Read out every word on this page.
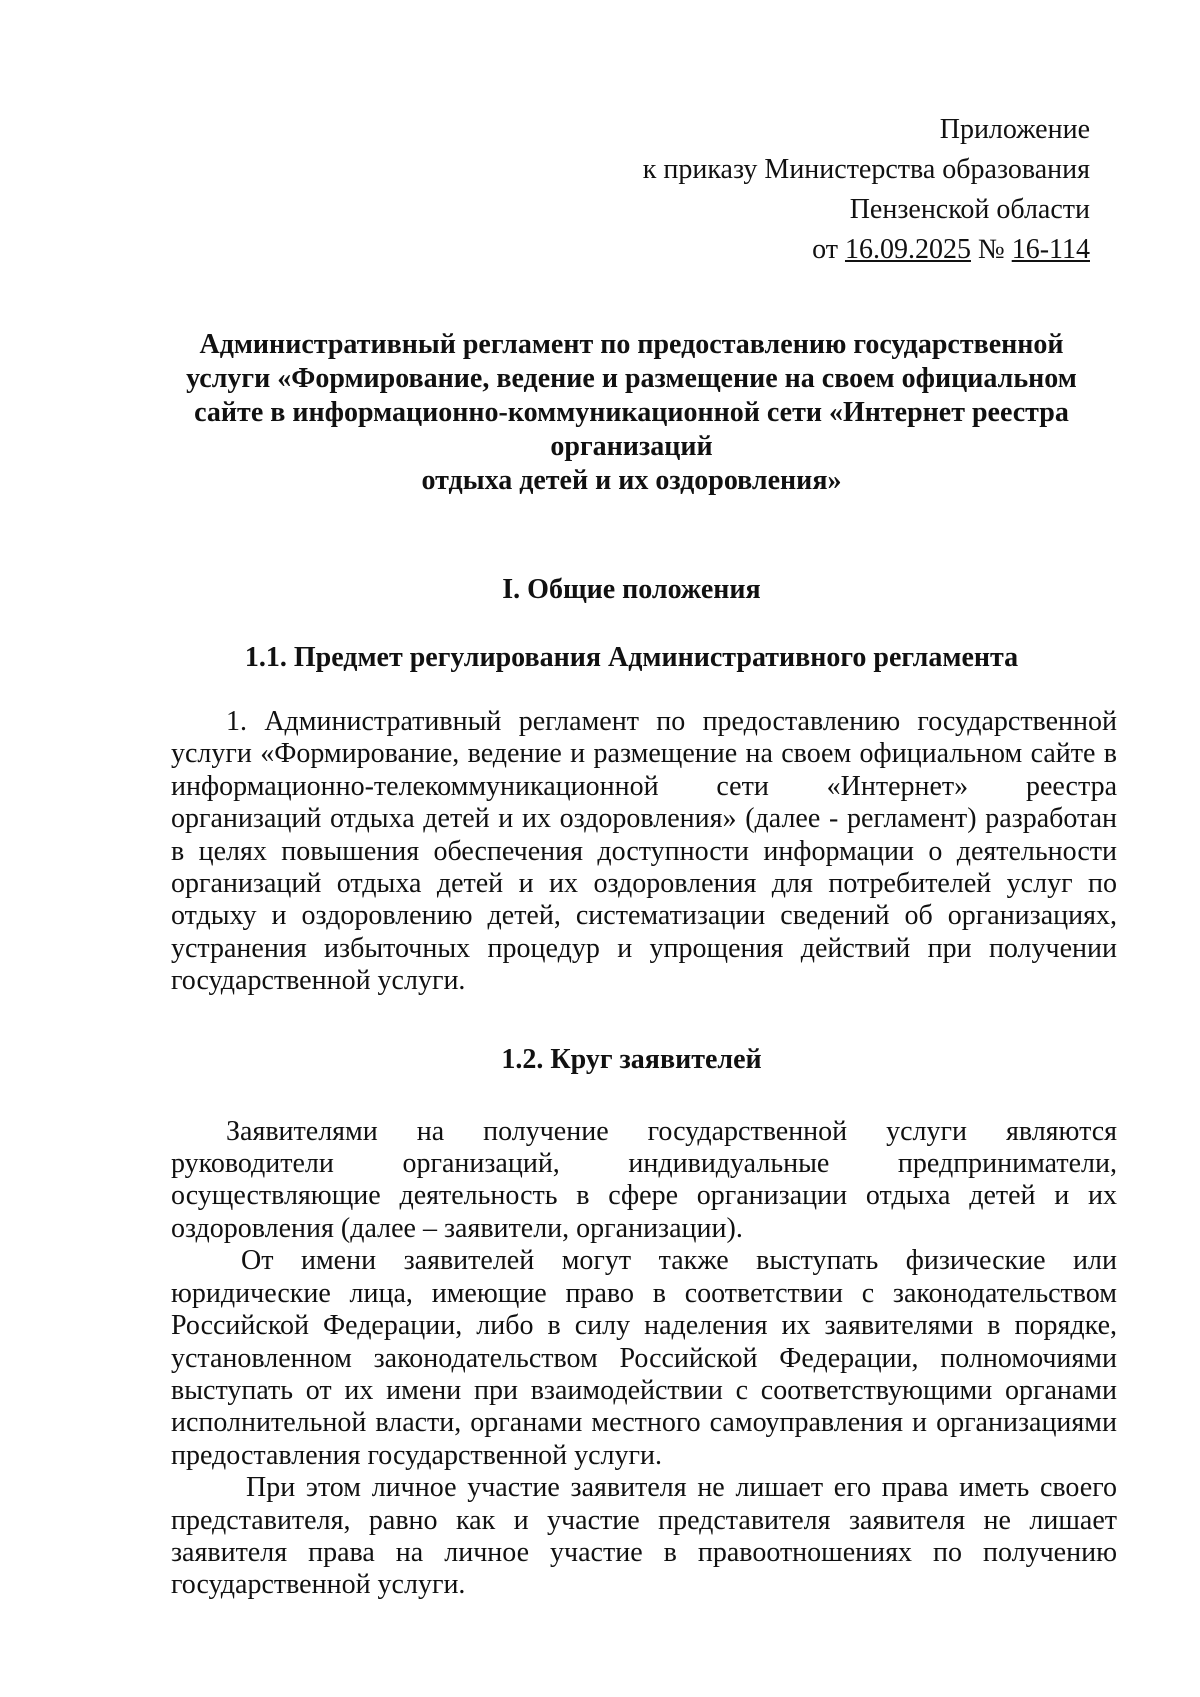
Приложение
к приказу Министерства образования
Пензенской области
от 16.09.2025 № 16-114
Административный регламент по предоставлению государственной
услуги «Формирование, ведение и размещение на своем официальном
сайте в информационно-коммуникационной сети «Интернет реестра
организаций
отдыха детей и их оздоровления»
I. Общие положения
1.1. Предмет регулирования Административного регламента

1. Административный регламент по предоставлению государственной услуги «Формирование, ведение и размещение на своем официальном сайте в информационно-телекоммуникационной сети «Интернет» реестра организаций отдыха детей и их оздоровления» (далее - регламент) разработан в целях повышения обеспечения доступности информации о деятельности организаций отдыха детей и их оздоровления для потребителей услуг по отдыху и оздоровлению детей, систематизации сведений об организациях, устранения избыточных процедур и упрощения действий при получении государственной услуги.

1.2. Круг заявителей

Заявителями на получение государственной услуги являются руководители организаций, индивидуальные предприниматели, осуществляющие деятельность в сфере организации отдыха детей и их оздоровления (далее – заявители, организации).

От имени заявителей могут также выступать физические или юридические лица, имеющие право в соответствии с законодательством Российской Федерации, либо в силу наделения их заявителями в порядке, установленном законодательством Российской Федерации, полномочиями выступать от их имени при взаимодействии с соответствующими органами исполнительной власти, органами местного самоуправления и организациями предоставления государственной услуги.

При этом личное участие заявителя не лишает его права иметь своего представителя, равно как и участие представителя заявителя не лишает заявителя права на личное участие в правоотношениях по получению государственной услуги.
